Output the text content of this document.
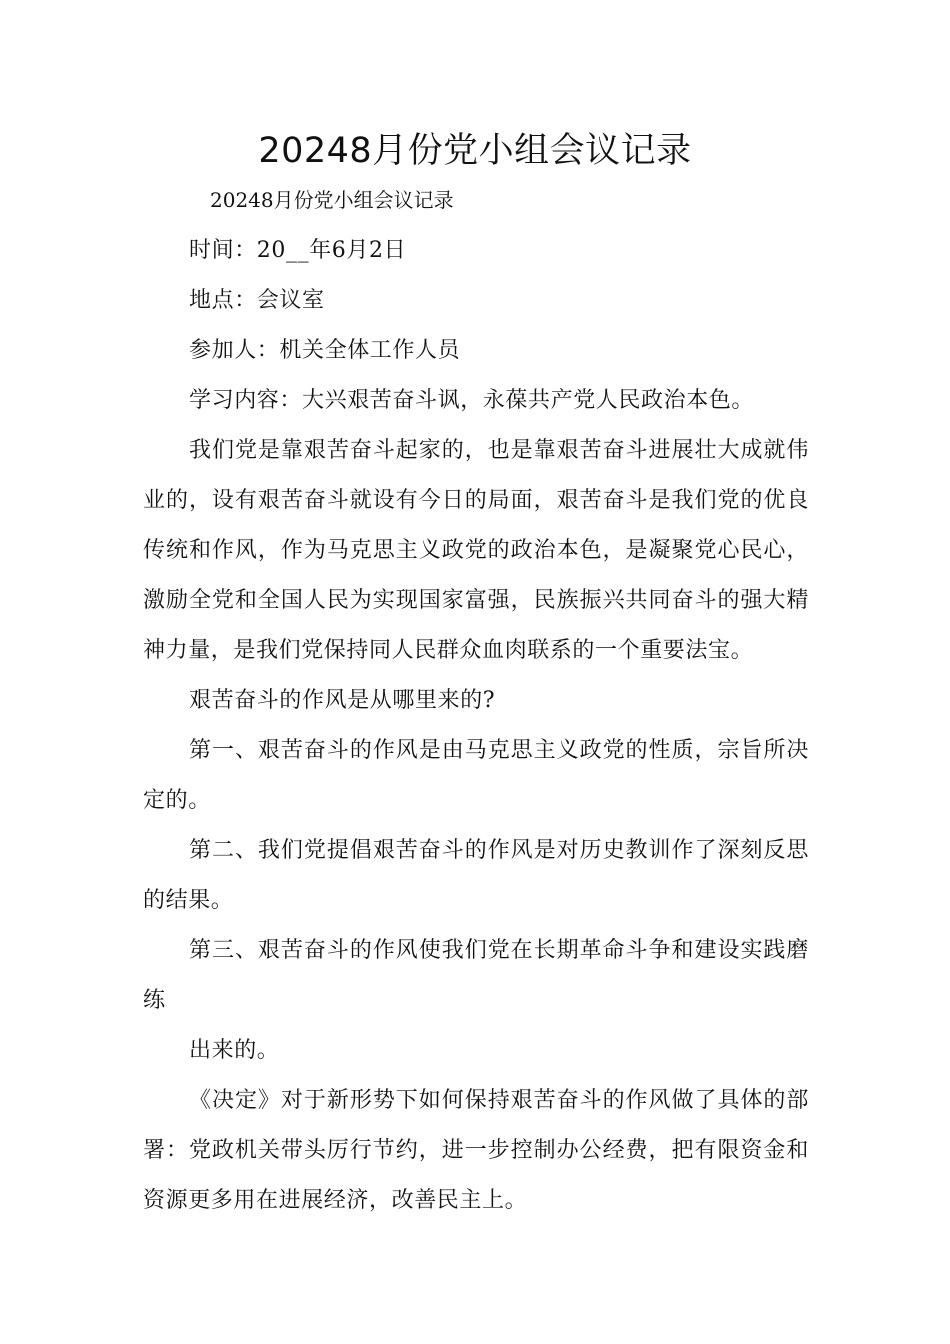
20248月份党小组会议记录

20248月份党小组会议记录

时间：20__年6月2日

地点：会议室

参加人：机关全体工作人员

学习内容：大兴艰苦奋斗讽，永葆共产党人民政治本色。

我们党是靠艰苦奋斗起家的，也是靠艰苦奋斗进展壮大成就伟业的，设有艰苦奋斗就设有今日的局面，艰苦奋斗是我们党的优良传统和作风，作为马克思主义政党的政治本色，是凝聚党心民心，激励全党和全国人民为实现国家富强，民族振兴共同奋斗的强大精神力量，是我们党保持同人民群众血肉联系的一个重要法宝。

艰苦奋斗的作风是从哪里来的?

第一、艰苦奋斗的作风是由马克思主义政党的性质，宗旨所决定的。

第二、我们党提倡艰苦奋斗的作风是对历史教训作了深刻反思的结果。

第三、艰苦奋斗的作风使我们党在长期革命斗争和建设实践磨练

出来的。

《决定》对于新形势下如何保持艰苦奋斗的作风做了具体的部署：党政机关带头厉行节约，进一步控制办公经费，把有限资金和资源更多用在进展经济，改善民主上。
